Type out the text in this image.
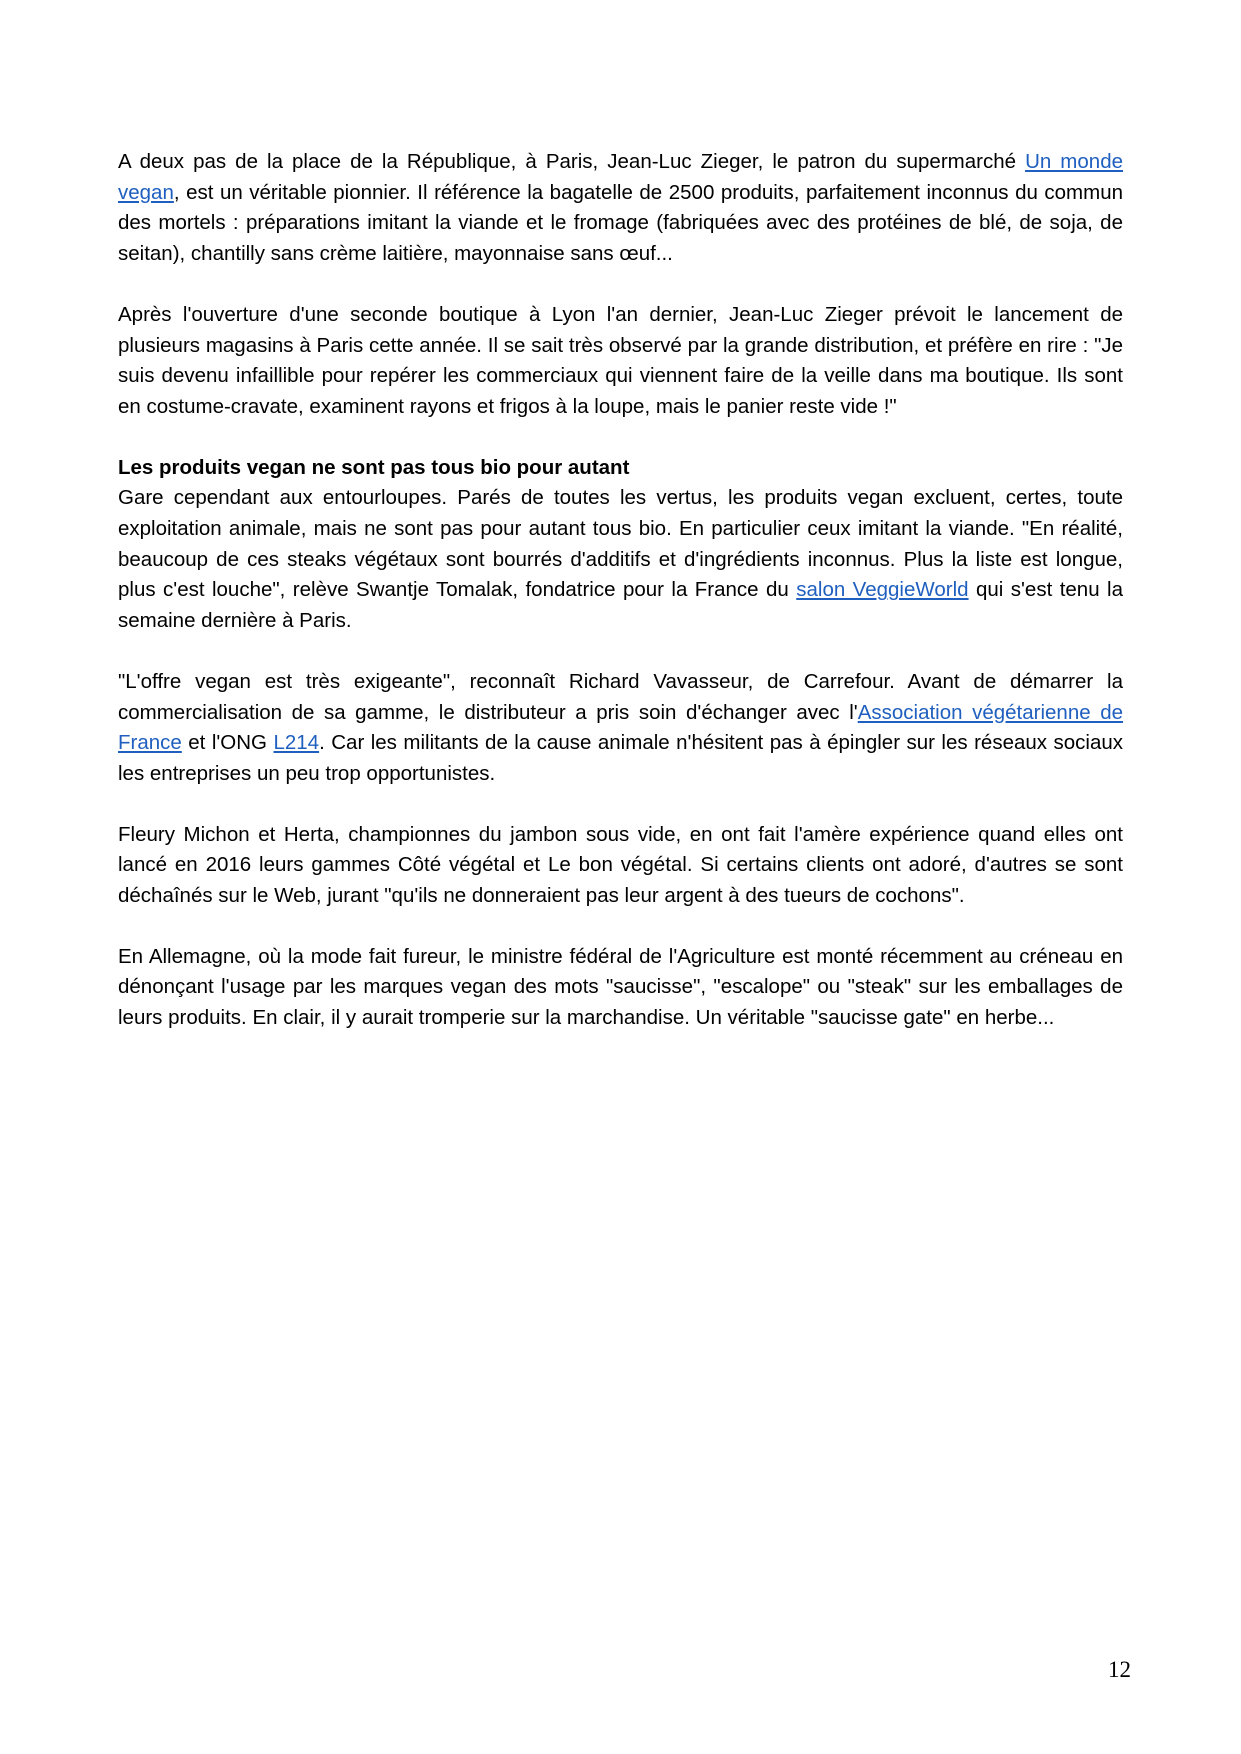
A deux pas de la place de la République, à Paris, Jean-Luc Zieger, le patron du supermarché Un monde vegan, est un véritable pionnier. Il référence la bagatelle de 2500 produits, parfaitement inconnus du commun des mortels : préparations imitant la viande et le fromage (fabriquées avec des protéines de blé, de soja, de seitan), chantilly sans crème laitière, mayonnaise sans œuf...

Après l'ouverture d'une seconde boutique à Lyon l'an dernier, Jean-Luc Zieger prévoit le lancement de plusieurs magasins à Paris cette année. Il se sait très observé par la grande distribution, et préfère en rire : "Je suis devenu infaillible pour repérer les commerciaux qui viennent faire de la veille dans ma boutique. Ils sont en costume-cravate, examinent rayons et frigos à la loupe, mais le panier reste vide !"

Les produits vegan ne sont pas tous bio pour autant
Gare cependant aux entourloupes. Parés de toutes les vertus, les produits vegan excluent, certes, toute exploitation animale, mais ne sont pas pour autant tous bio. En particulier ceux imitant la viande. "En réalité, beaucoup de ces steaks végétaux sont bourrés d'additifs et d'ingrédients inconnus. Plus la liste est longue, plus c'est louche", relève Swantje Tomalak, fondatrice pour la France du salon VeggieWorld qui s'est tenu la semaine dernière à Paris.

"L'offre vegan est très exigeante", reconnaît Richard Vavasseur, de Carrefour. Avant de démarrer la commercialisation de sa gamme, le distributeur a pris soin d'échanger avec l'Association végétarienne de France et l'ONG L214. Car les militants de la cause animale n'hésitent pas à épingler sur les réseaux sociaux les entreprises un peu trop opportunistes.

Fleury Michon et Herta, championnes du jambon sous vide, en ont fait l'amère expérience quand elles ont lancé en 2016 leurs gammes Côté végétal et Le bon végétal. Si certains clients ont adoré, d'autres se sont déchaînés sur le Web, jurant "qu'ils ne donneraient pas leur argent à des tueurs de cochons".

En Allemagne, où la mode fait fureur, le ministre fédéral de l'Agriculture est monté récemment au créneau en dénonçant l'usage par les marques vegan des mots "saucisse", "escalope" ou "steak" sur les emballages de leurs produits. En clair, il y aurait tromperie sur la marchandise. Un véritable "saucisse gate" en herbe...

12
